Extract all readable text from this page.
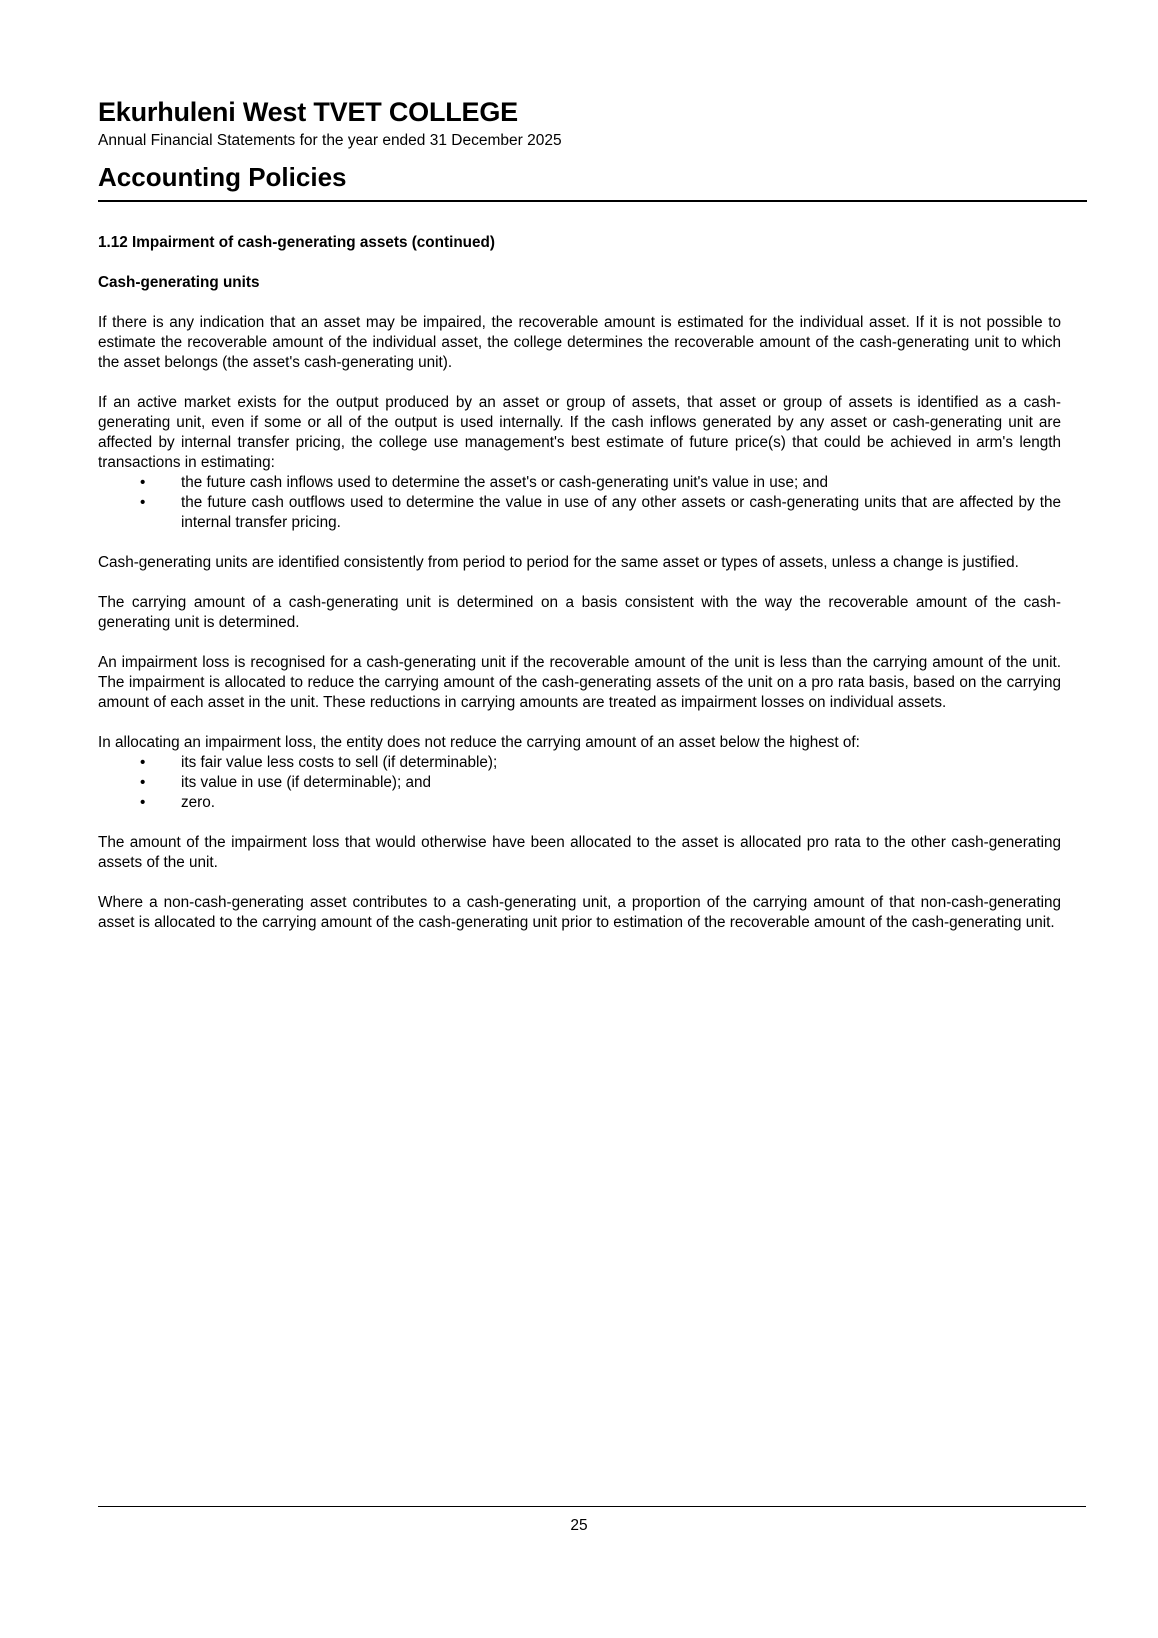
Ekurhuleni West TVET COLLEGE
Annual Financial Statements for the year ended 31 December 2025
Accounting Policies

1.12 Impairment of cash-generating assets (continued)

Cash-generating units

If there is any indication that an asset may be impaired, the recoverable amount is estimated for the individual asset. If it is not possible to estimate the recoverable amount of the individual asset, the college determines the recoverable amount of the cash-generating unit to which the asset belongs (the asset's cash-generating unit).

If an active market exists for the output produced by an asset or group of assets, that asset or group of assets is identified as a cash-generating unit, even if some or all of the output is used internally. If the cash inflows generated by any asset or cash-generating unit are affected by internal transfer pricing, the college use management's best estimate of future price(s) that could be achieved in arm's length transactions in estimating:

• the future cash inflows used to determine the asset's or cash-generating unit's value in use; and
• the future cash outflows used to determine the value in use of any other assets or cash-generating units that are affected by the internal transfer pricing.

Cash-generating units are identified consistently from period to period for the same asset or types of assets, unless a change is justified.

The carrying amount of a cash-generating unit is determined on a basis consistent with the way the recoverable amount of the cash-generating unit is determined.

An impairment loss is recognised for a cash-generating unit if the recoverable amount of the unit is less than the carrying amount of the unit. The impairment is allocated to reduce the carrying amount of the cash-generating assets of the unit on a pro rata basis, based on the carrying amount of each asset in the unit. These reductions in carrying amounts are treated as impairment losses on individual assets.

In allocating an impairment loss, the entity does not reduce the carrying amount of an asset below the highest of:

• its fair value less costs to sell (if determinable);
• its value in use (if determinable); and
• zero.

The amount of the impairment loss that would otherwise have been allocated to the asset is allocated pro rata to the other cash-generating assets of the unit.

Where a non-cash-generating asset contributes to a cash-generating unit, a proportion of the carrying amount of that non-cash-generating asset is allocated to the carrying amount of the cash-generating unit prior to estimation of the recoverable amount of the cash-generating unit.

25
